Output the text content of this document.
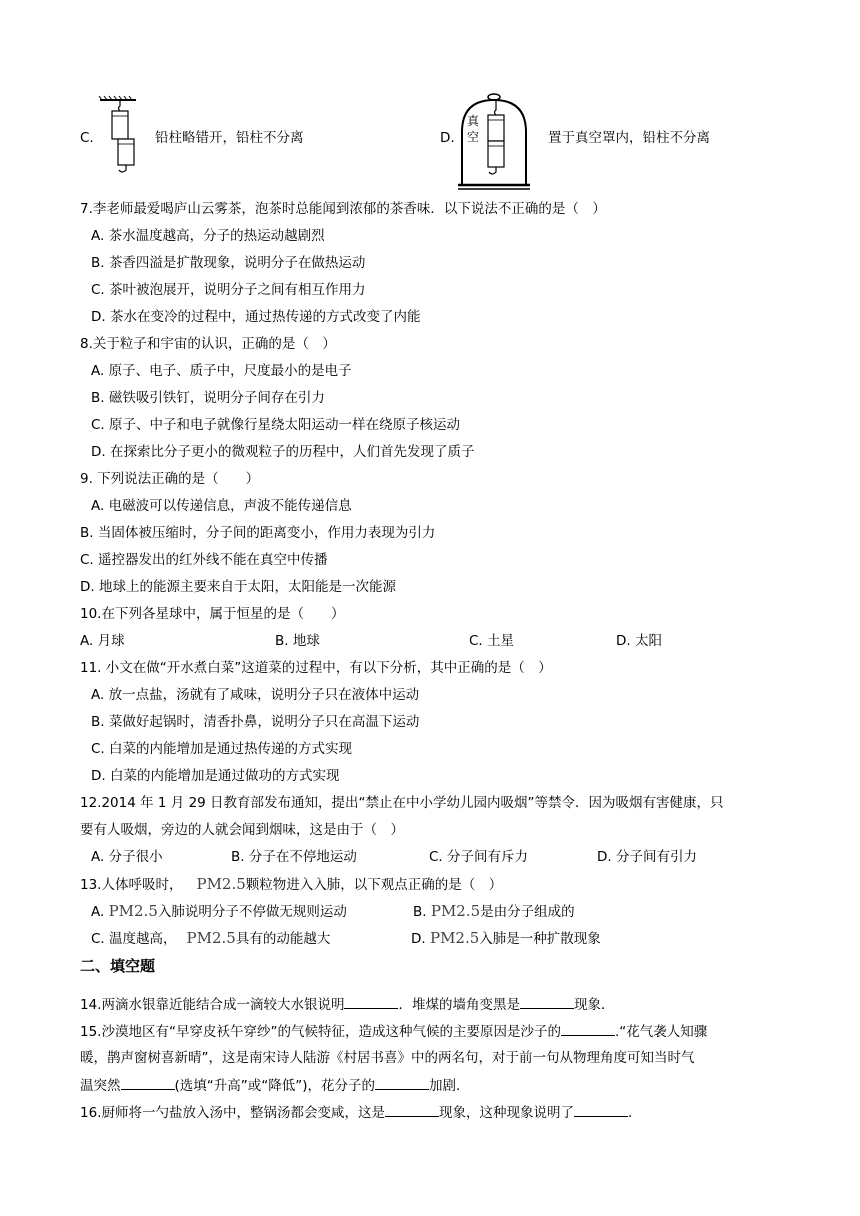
C.	铅柱略错开，铅柱不分离	D.
真
空	置于真空罩内，铅柱不分离
7.李老师最爱喝庐山云雾茶，泡茶时总能闻到浓郁的茶香味．以下说法不正确的是（　）
A. 茶水温度越高，分子的热运动越剧烈
B. 茶香四溢是扩散现象，说明分子在做热运动
C. 茶叶被泡展开，说明分子之间有相互作用力
D. 茶水在变冷的过程中，通过热传递的方式改变了内能
8.关于粒子和宇宙的认识，正确的是（　）
A. 原子、电子、质子中，尺度最小的是电子
B. 磁铁吸引铁钉，说明分子间存在引力
C. 原子、中子和电子就像行星绕太阳运动一样在绕原子核运动
D. 在探索比分子更小的微观粒子的历程中，人们首先发现了质子
9. 下列说法正确的是（　　）
A. 电磁波可以传递信息，声波不能传递信息
B. 当固体被压缩时，分子间的距离变小，作用力表现为引力
C. 遥控器发出的红外线不能在真空中传播
D. 地球上的能源主要来自于太阳，太阳能是一次能源
10.在下列各星球中，属于恒星的是（　　）
A. 月球	B. 地球	C. 土星	D. 太阳
11. 小文在做“开水煮白菜”这道菜的过程中，有以下分析，其中正确的是（　）
A. 放一点盐，汤就有了咸味，说明分子只在液体中运动
B. 菜做好起锅时，清香扑鼻，说明分子只在高温下运动
C. 白菜的内能增加是通过热传递的方式实现
D. 白菜的内能增加是通过做功的方式实现
12.2014 年 1 月 29 日教育部发布通知，提出“禁止在中小学幼儿园内吸烟”等禁令．因为吸烟有害健康，只
要有人吸烟，旁边的人就会闻到烟味，这是由于（　）
A. 分子很小	B. 分子在不停地运动	C. 分子间有斥力	D. 分子间有引力
13.人体呼吸时， PM2.5颗粒物进入入肺，以下观点正确的是（　）
A. PM2.5入肺说明分子不停做无规则运动	B. PM2.5是由分子组成的
C. 温度越高， PM2.5具有的动能越大	D. PM2.5入肺是一种扩散现象
二、填空题
14.两滴水银靠近能结合成一滴较大水银说明	．堆煤的墙角变黑是	现象．
15.沙漠地区有“早穿皮袄午穿纱”的气候特征，造成这种气候的主要原因是沙子的	.“花气袭人知骤
暖，鹊声窗树喜新晴”，这是南宋诗人陆游《村居书喜》中的两名句，对于前一句从物理角度可知当时气
温突然	(选填“升高”或“降低”)，花分子的	加剧.
16.厨师将一勺盐放入汤中，整锅汤都会变咸，这是	现象，这种现象说明了	.
